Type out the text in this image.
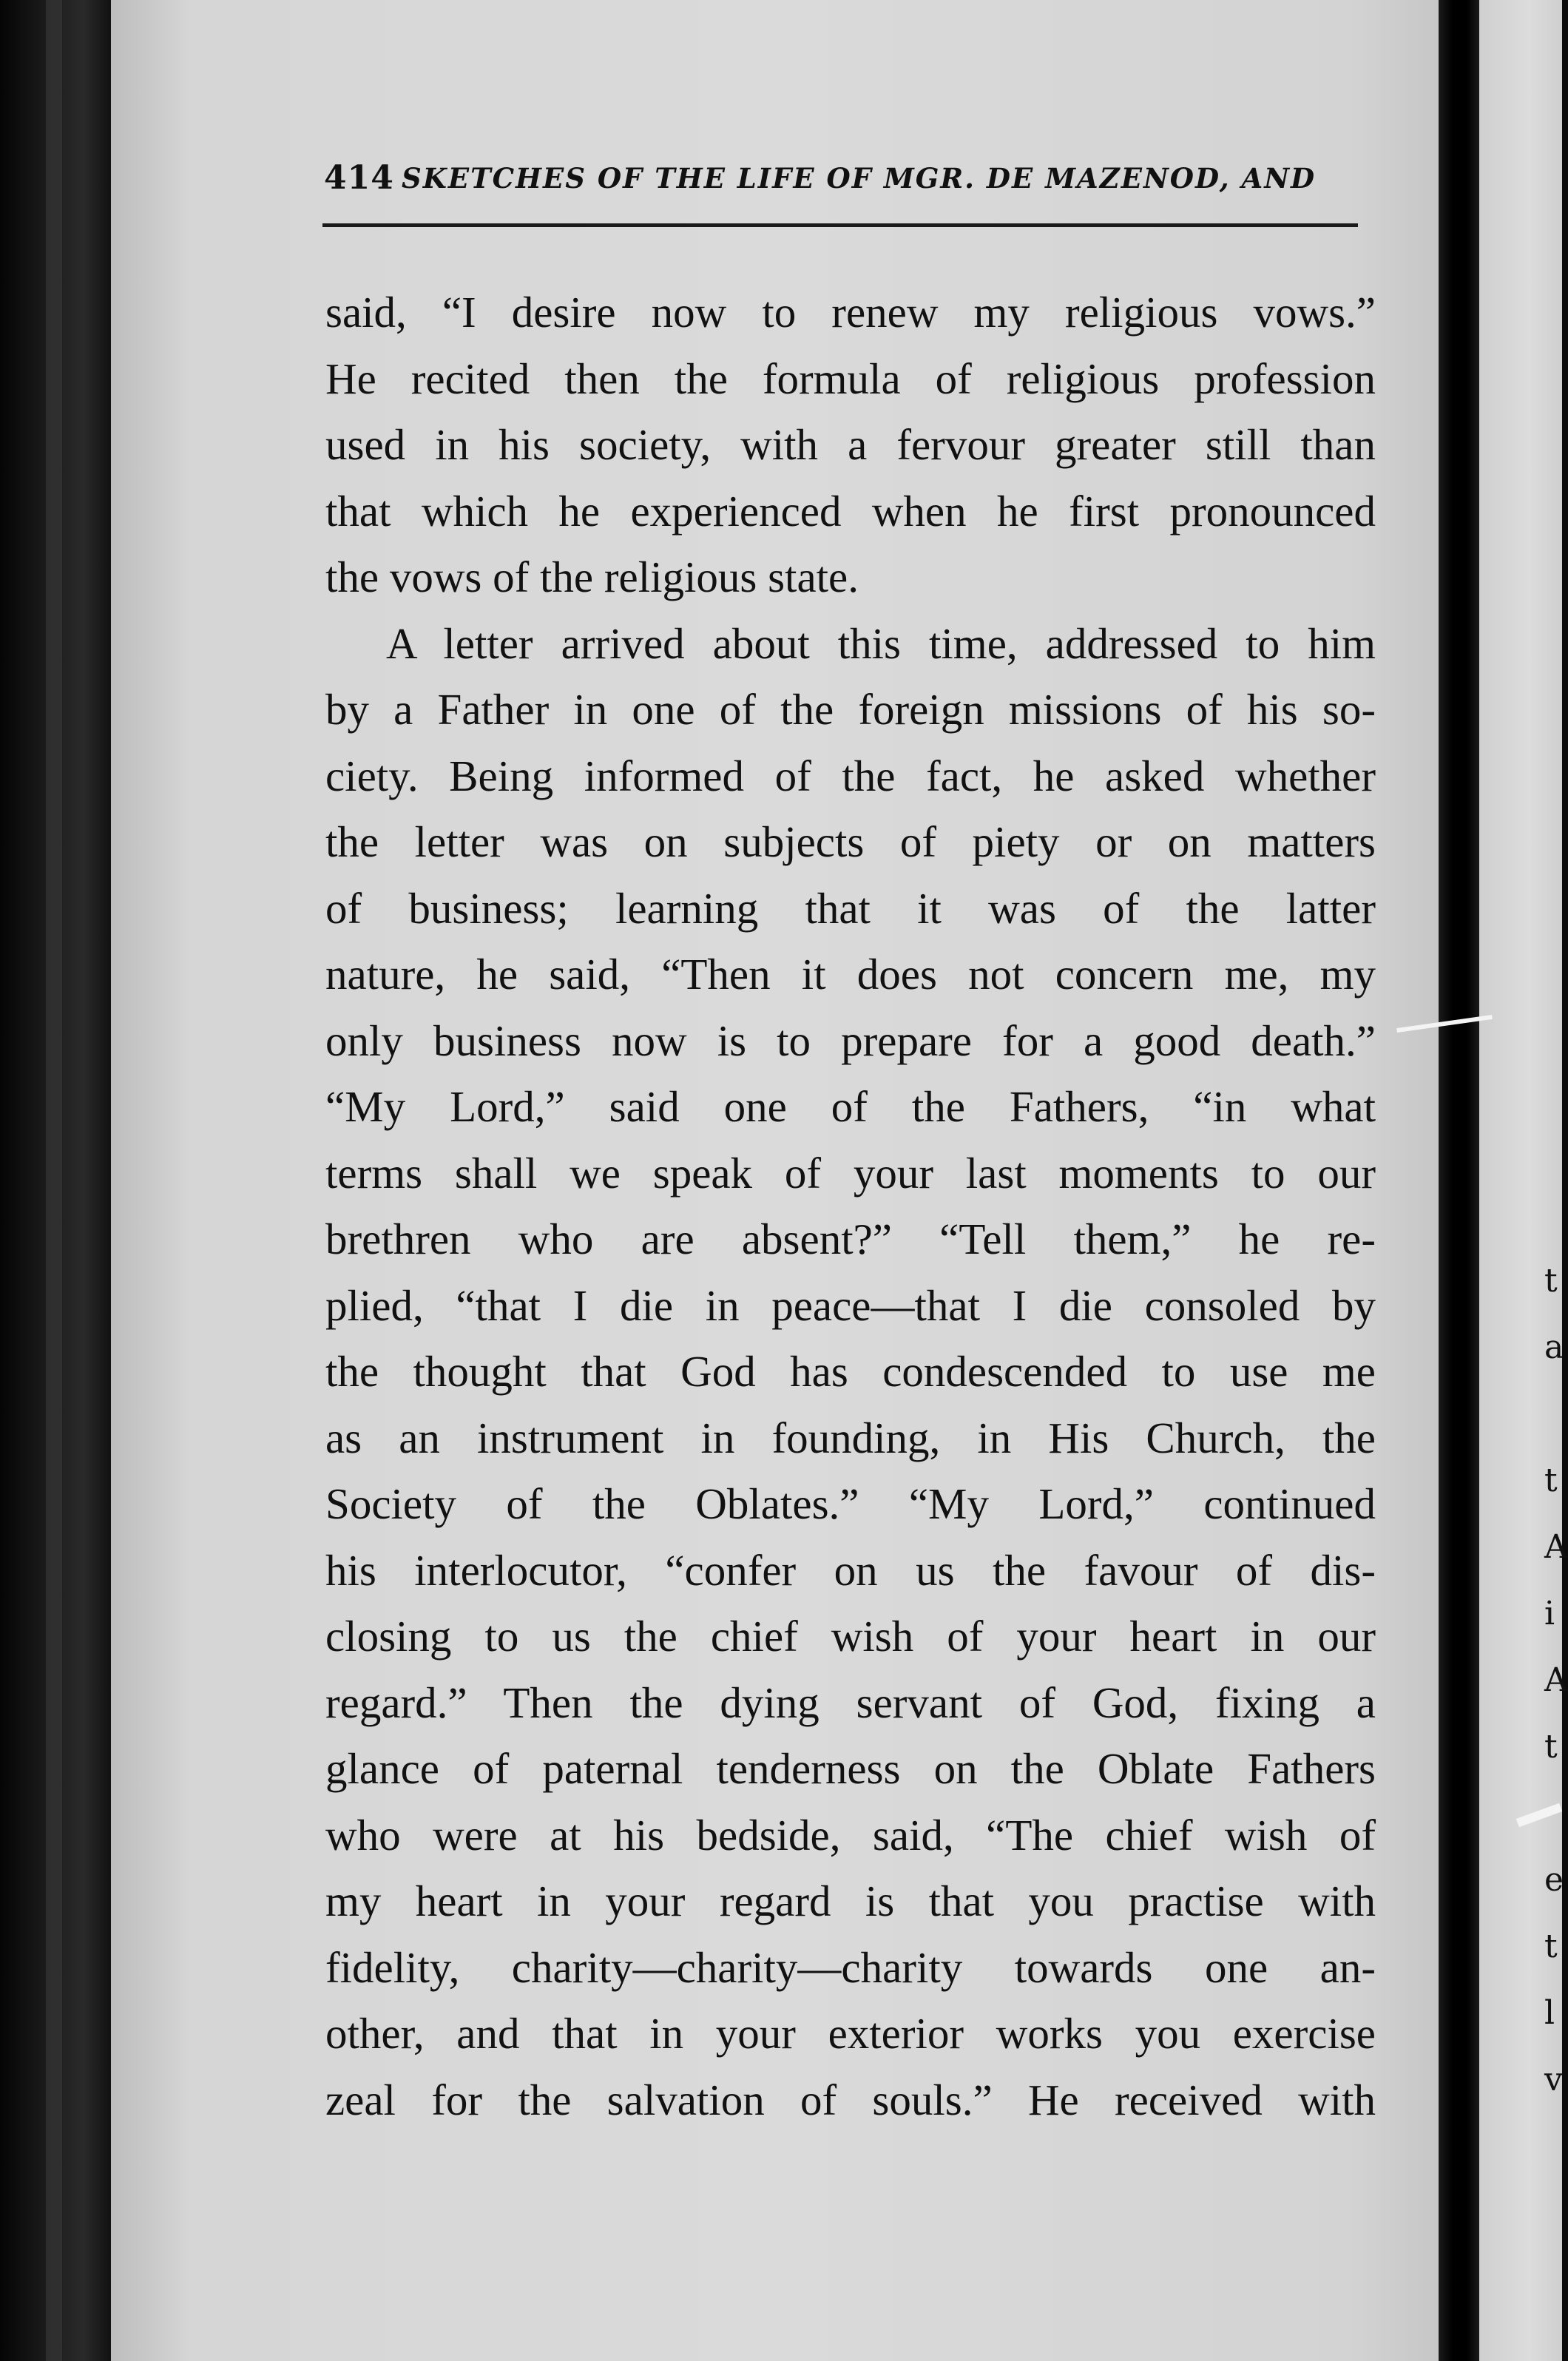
414 SKETCHES OF THE LIFE OF MGR. DE MAZENOD, AND
said, “I desire now to renew my religious vows.”
He recited then the formula of religious profession
used in his society, with a fervour greater still than
that which he experienced when he first pronounced
the vows of the religious state.
A letter arrived about this time, addressed to him
by a Father in one of the foreign missions of his so-
ciety. Being informed of the fact, he asked whether
the letter was on subjects of piety or on matters
of business; learning that it was of the latter
nature, he said, “Then it does not concern me, my
only business now is to prepare for a good death.”
“My Lord,” said one of the Fathers, “in what
terms shall we speak of your last moments to our
brethren who are absent?” “Tell them,” he re-
plied, “that I die in peace—that I die consoled by
the thought that God has condescended to use me
as an instrument in founding, in His Church, the
Society of the Oblates.” “My Lord,” continued
his interlocutor, “confer on us the favour of dis-
closing to us the chief wish of your heart in our
regard.” Then the dying servant of God, fixing a
glance of paternal tenderness on the Oblate Fathers
who were at his bedside, said, “The chief wish of
my heart in your regard is that you practise with
fidelity, charity—charity—charity towards one an-
other, and that in your exterior works you exercise
zeal for the salvation of souls.” He received with
t
a
t
A
i
A
t
e
t
l
v
